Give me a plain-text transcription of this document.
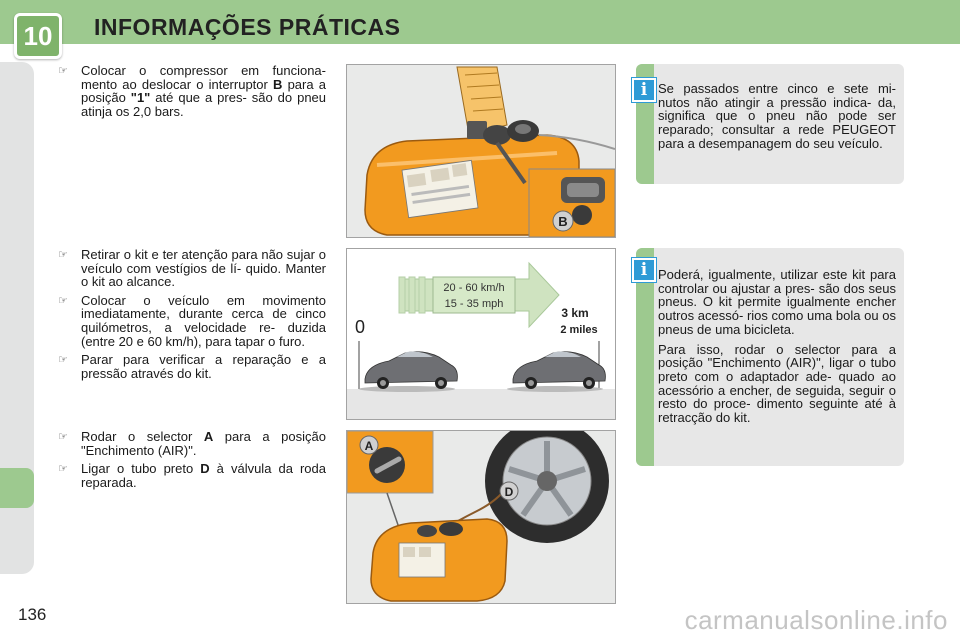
10	INFORMAÇÕES PRÁTICAS
136
☞ Colocar o compressor em funciona- mento ao deslocar o interruptor B para a posição "1" até que a pres- são do pneu atinja os 2,0 bars.
☞ Retirar o kit e ter atenção para não sujar o veículo com vestígios de lí- quido. Manter o kit ao alcance.
☞ Colocar o veículo em movimento imediatamente, durante cerca de cinco quilómetros, a velocidade re- duzida (entre 20 e 60 km/h), para tapar o furo.
☞ Parar para verificar a reparação e a pressão através do kit.
☞ Rodar o selector A para a posição "Enchimento (AIR)".
☞ Ligar o tubo preto D à válvula da roda reparada.
B
20 - 60 km/h
15 - 35 mph
3 km
2 miles
0
A
D
i Se passados entre cinco e sete mi- nutos não atingir a pressão indica- da, significa que o pneu não pode ser reparado; consultar a rede PEUGEOT para a desempanagem do seu veículo.
i Poderá, igualmente, utilizar este kit para controlar ou ajustar a pres- são dos seus pneus. O kit permite igualmente encher outros acessó- rios como uma bola ou os pneus de uma bicicleta.

Para isso, rodar o selector para a posição "Enchimento (AIR)", ligar o tubo preto com o adaptador ade- quado ao acessório a encher, de seguida, seguir o resto do proce- dimento seguinte até à retracção do kit.

carmanualsonline.info
